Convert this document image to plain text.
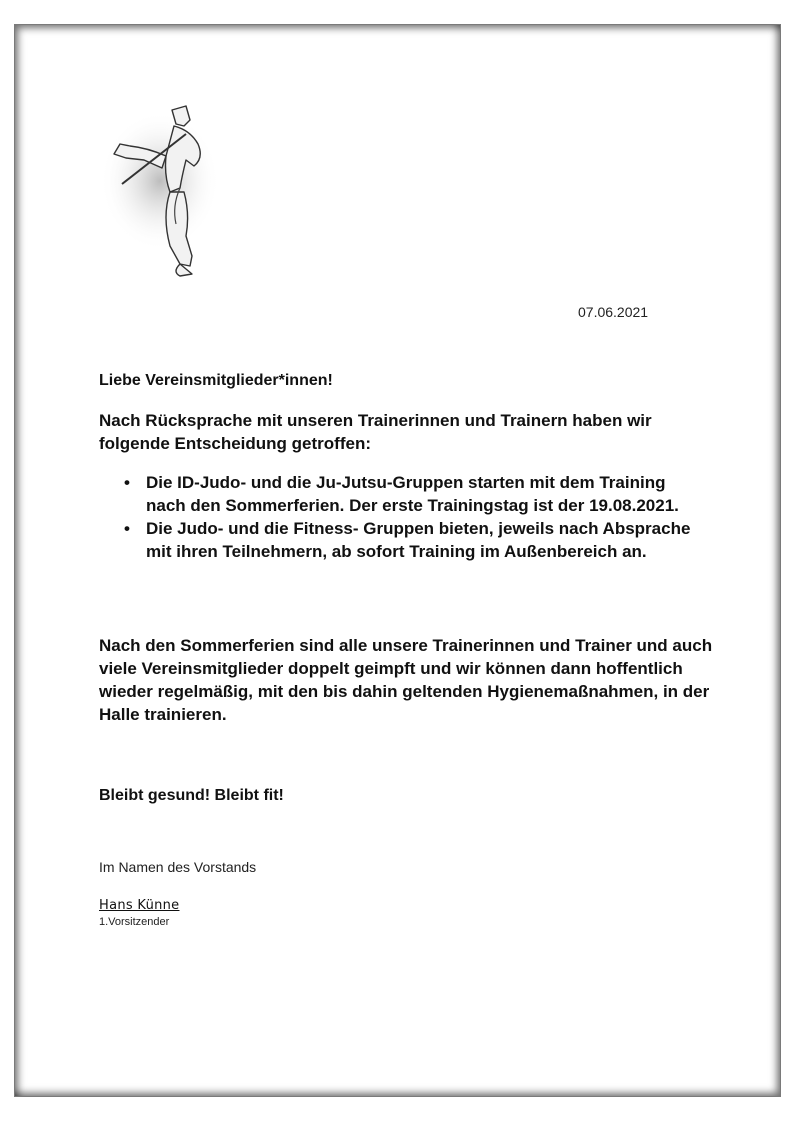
07.06.2021
Liebe Vereinsmitglieder*innen!

Nach Rücksprache mit unseren Trainerinnen und Trainern haben wir folgende Entscheidung getroffen:

• Die ID-Judo- und die Ju-Jutsu-Gruppen starten mit dem Training nach den Sommerferien. Der erste Trainingstag ist der 19.08.2021.
• Die Judo- und die Fitness- Gruppen bieten, jeweils nach Absprache mit ihren Teilnehmern, ab sofort Training im Außenbereich an.

Nach den Sommerferien sind alle unsere Trainerinnen und Trainer und auch viele Vereinsmitglieder doppelt geimpft und wir können dann hoffentlich wieder regelmäßig, mit den bis dahin geltenden Hygienemaßnahmen, in der Halle trainieren.

Bleibt gesund! Bleibt fit!
Im Namen des Vorstands
Hans Künne
1.Vorsitzender
